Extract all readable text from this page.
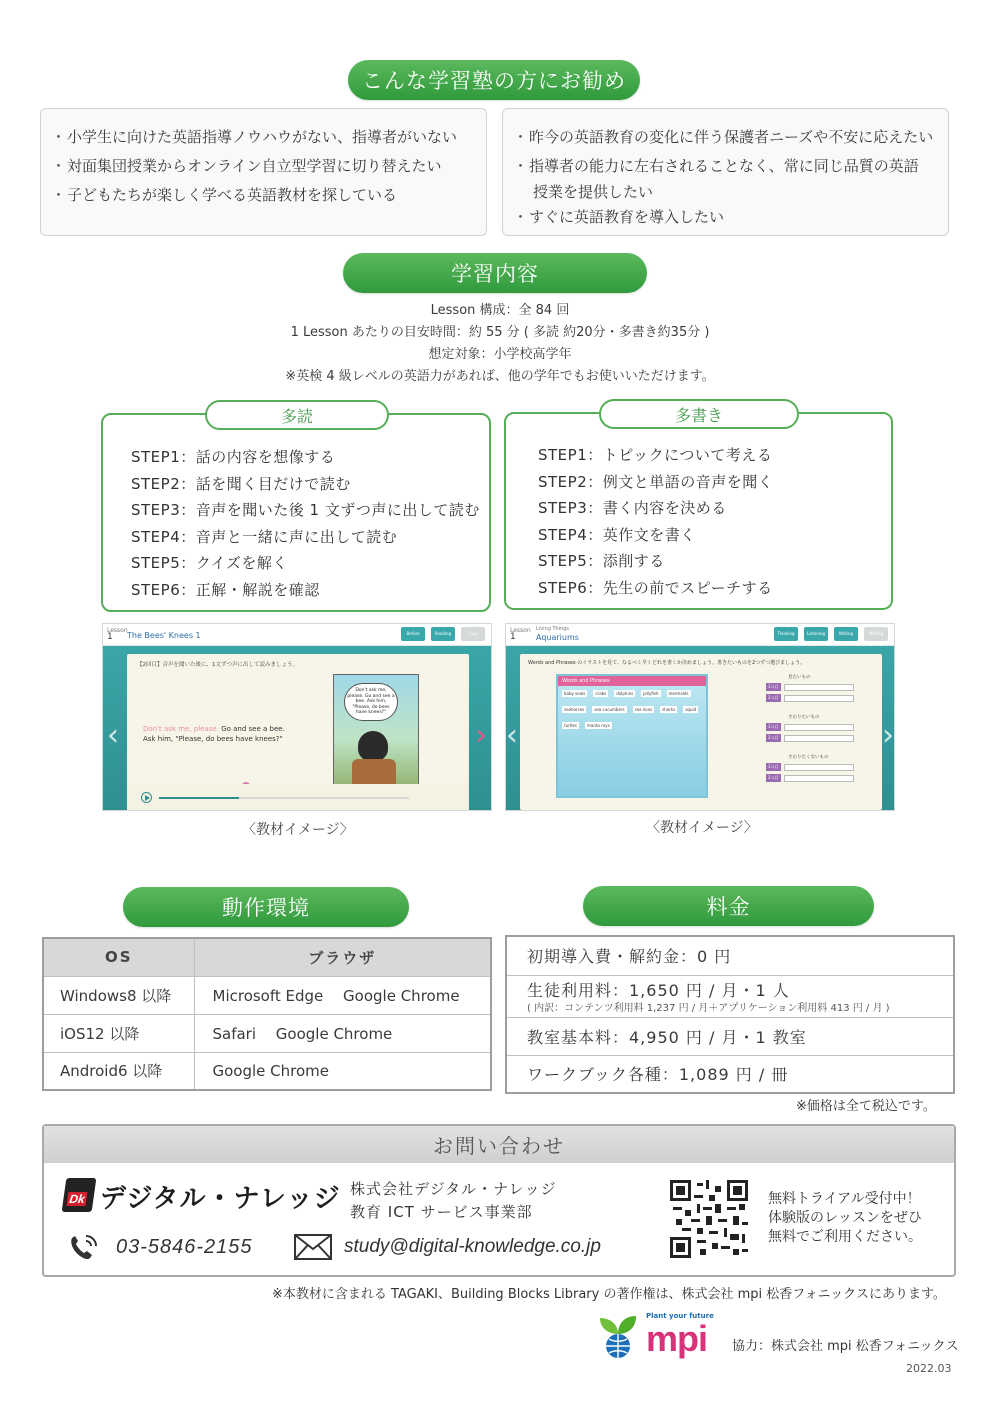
こんな学習塾の方にお勧め
・ 小学生に向けた英語指導ノウハウがない、指導者がいない
・ 対面集団授業からオンライン自立型学習に切り替えたい
・ 子どもたちが楽しく学べる英語教材を探している
・ 昨今の英語教育の変化に伴う保護者ニーズや不安に応えたい
・ 指導者の能力に左右されることなく、常に同じ品質の英語
授業を提供したい
・ すぐに英語教育を導入したい
学習内容
Lesson 構成：全 84 回
1 Lesson あたりの目安時間：約 55 分 ( 多読 約20分・多書き約35分 )
想定対象：小学校高学年
※英検 4 級レベルの英語力があれば、他の学年でもお使いいただけます。
多読
STEP1：話の内容を想像する
STEP2：話を聞く目だけで読む
STEP3：音声を聞いた後 1 文ずつ声に出して読む
STEP4：音声と一緒に声に出して読む
STEP5：クイズを解く
STEP6：正解・解説を確認
多書き
STEP1：トピックについて考える
STEP2：例文と単語の音声を聞く
STEP3：書く内容を決める
STEP4：英作文を書く
STEP5：添削する
STEP6：先生の前でスピーチする
Lesson
1	The Bees' Knees 1	Before	Reading	Quiz
【2回目】音声を聞いた後に、1文ずつ声に出して読みましょう。
Don't ask me, please. Go and see a bee.
Ask him, "Please, do bees have knees?"
Don't ask me, please. Go and see a bee. Ask him, "Please, do bees have knees?"
‹	›
Lesson
1
Living Things
Aquariums	Thinking	Listening	Writing	Writing
Words and Phrases のイラストを見て、なるべく早くどれを書くか決めましょう。書きたいものを2つずつ選びましょう。
Words and Phrases
baby seals	crabs	dolphins	jellyfish	mermaids
seahorses	sea cucumbers	sea lions	sharks	squid
turtles	manta rays
見たいもの
1つ目
2つ目
さわりたいもの
1つ目
2つ目
さわりたくないもの
1つ目
2つ目
‹	›
〈教材イメージ〉	〈教材イメージ〉
動作環境
OS	ブラウザ
Windows8 以降	Microsoft Edge　 Google Chrome
iOS12 以降	Safari　 Google Chrome
Android6 以降	Google Chrome
料金
初期導入費・解約金：0 円
生徒利用料：1,650 円 / 月・1 人
( 内訳：コンテンツ利用料 1,237 円 / 月＋アプリケーション利用料 413 円 / 月 )

教室基本料：4,950 円 / 月・1 教室
ワークブック各種：1,089 円 / 冊
※価格は全て税込です。
お問い合わせ
Dk デジタル・ナレッジ 株式会社デジタル・ナレッジ
教育 ICT サービス事業部
03-5846-2155	study@digital-knowledge.co.jp
無料トライアル受付中！
体験版のレッスンをぜひ
無料でご利用ください。
※本教材に含まれる TAGAKI、Building Blocks Library の著作権は、株式会社 mpi 松香フォニックスにあります。
Plant your future
mpi 協力：株式会社 mpi 松香フォニックス
2022.03
